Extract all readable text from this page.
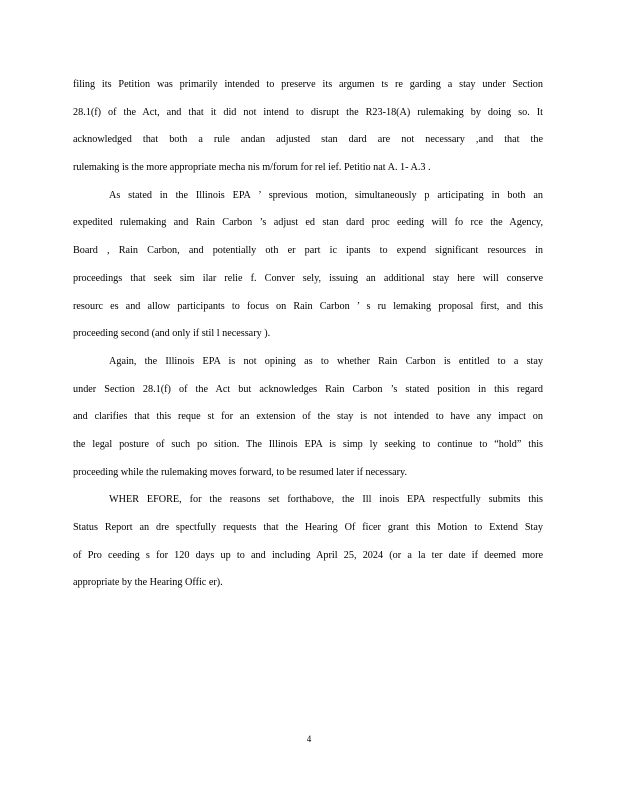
filing its Petition was primarily intended to preserve its argumen ts re garding a stay under Section
28.1(f) of the Act, and that it did not intend to disrupt the R23-18(A) rulemaking by doing so. It
acknowledged that both a rule andan adjusted stan dard are not necessary ,and that the
rulemaking is the more appropriate mecha nis m/forum for rel ief. Petitio nat A. 1- A.3 .
As stated in the Illinois EPA ’ sprevious motion, simultaneously p articipating in both an
expedited rulemaking and Rain Carbon ’s adjust ed stan dard proc eeding will fo rce the Agency,
Board , Rain Carbon, and potentially oth er part ic ipants to expend significant resources in
proceedings that seek sim ilar relie f. Conver sely, issuing an additional stay here will conserve
resourc es and allow participants to focus on Rain Carbon ’ s ru lemaking proposal first, and this
proceeding second (and only if stil l necessary ).
Again, the Illinois EPA is not opining as to whether Rain Carbon is entitled to a stay
under Section 28.1(f) of the Act but acknowledges Rain Carbon ’s stated position in this regard
and clarifies that this reque st for an extension of the stay is not intended to have any impact on
the legal posture of such po sition. The Illinois EPA is simp ly seeking to continue to “hold” this
proceeding while the rulemaking moves forward, to be resumed later if necessary.
WHER EFORE, for the reasons set forthabove, the Ill inois EPA respectfully submits this
Status Report an dre spectfully requests that the Hearing Of ficer grant this Motion to Extend Stay
of Pro ceeding s for 120 days up to and including April 25, 2024 (or a la ter date if deemed more
appropriate by the Hearing Offic er).
4
